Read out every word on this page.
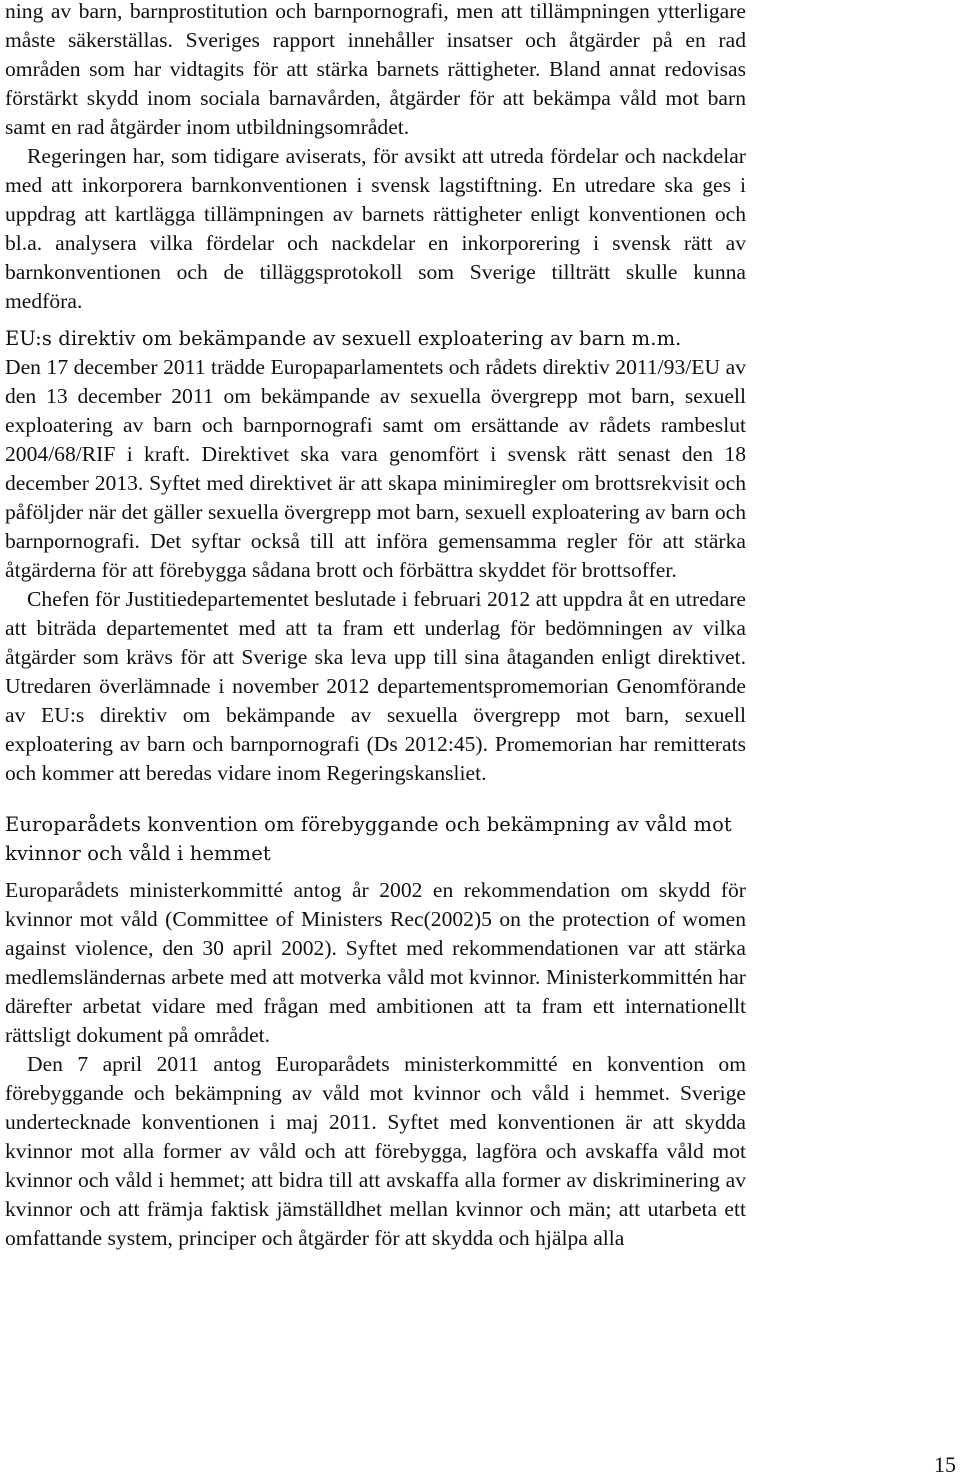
ning av barn, barnprostitution och barnpornografi, men att tillämpningen ytterligare måste säkerställas. Sveriges rapport innehåller insatser och åtgärder på en rad områden som har vidtagits för att stärka barnets rättigheter. Bland annat redovisas förstärkt skydd inom sociala barnavården, åtgärder för att bekämpa våld mot barn samt en rad åtgärder inom utbildningsområdet.

Regeringen har, som tidigare aviserats, för avsikt att utreda fördelar och nackdelar med att inkorporera barnkonventionen i svensk lagstiftning. En utredare ska ges i uppdrag att kartlägga tillämpningen av barnets rättigheter enligt konventionen och bl.a. analysera vilka fördelar och nackdelar en inkorporering i svensk rätt av barnkonventionen och de tilläggsprotokoll som Sverige tillträtt skulle kunna medföra.

EU:s direktiv om bekämpande av sexuell exploatering av barn m.m.

Den 17 december 2011 trädde Europaparlamentets och rådets direktiv 2011/93/EU av den 13 december 2011 om bekämpande av sexuella övergrepp mot barn, sexuell exploatering av barn och barnpornografi samt om ersättande av rådets rambeslut 2004/68/RIF i kraft. Direktivet ska vara genomfört i svensk rätt senast den 18 december 2013. Syftet med direktivet är att skapa minimiregler om brottsrekvisit och påföljder när det gäller sexuella övergrepp mot barn, sexuell exploatering av barn och barnpornografi. Det syftar också till att införa gemensamma regler för att stärka åtgärderna för att förebygga sådana brott och förbättra skyddet för brottsoffer.

Chefen för Justitiedepartementet beslutade i februari 2012 att uppdra åt en utredare att biträda departementet med att ta fram ett underlag för bedömningen av vilka åtgärder som krävs för att Sverige ska leva upp till sina åtaganden enligt direktivet. Utredaren överlämnade i november 2012 departementspromemorian Genomförande av EU:s direktiv om bekämpande av sexuella övergrepp mot barn, sexuell exploatering av barn och barnpornografi (Ds 2012:45). Promemorian har remitterats och kommer att beredas vidare inom Regeringskansliet.

Europarådets konvention om förebyggande och bekämpning av våld mot kvinnor och våld i hemmet

Europarådets ministerkommitté antog år 2002 en rekommendation om skydd för kvinnor mot våld (Committee of Ministers Rec(2002)5 on the protection of women against violence, den 30 april 2002). Syftet med rekommendationen var att stärka medlemsländernas arbete med att motverka våld mot kvinnor. Ministerkommittén har därefter arbetat vidare med frågan med ambitionen att ta fram ett internationellt rättsligt dokument på området.

Den 7 april 2011 antog Europarådets ministerkommitté en konvention om förebyggande och bekämpning av våld mot kvinnor och våld i hemmet. Sverige undertecknade konventionen i maj 2011. Syftet med konventionen är att skydda kvinnor mot alla former av våld och att förebygga, lagföra och avskaffa våld mot kvinnor och våld i hemmet; att bidra till att avskaffa alla former av diskriminering av kvinnor och att främja faktisk jämställdhet mellan kvinnor och män; att utarbeta ett omfattande system, principer och åtgärder för att skydda och hjälpa alla

15
